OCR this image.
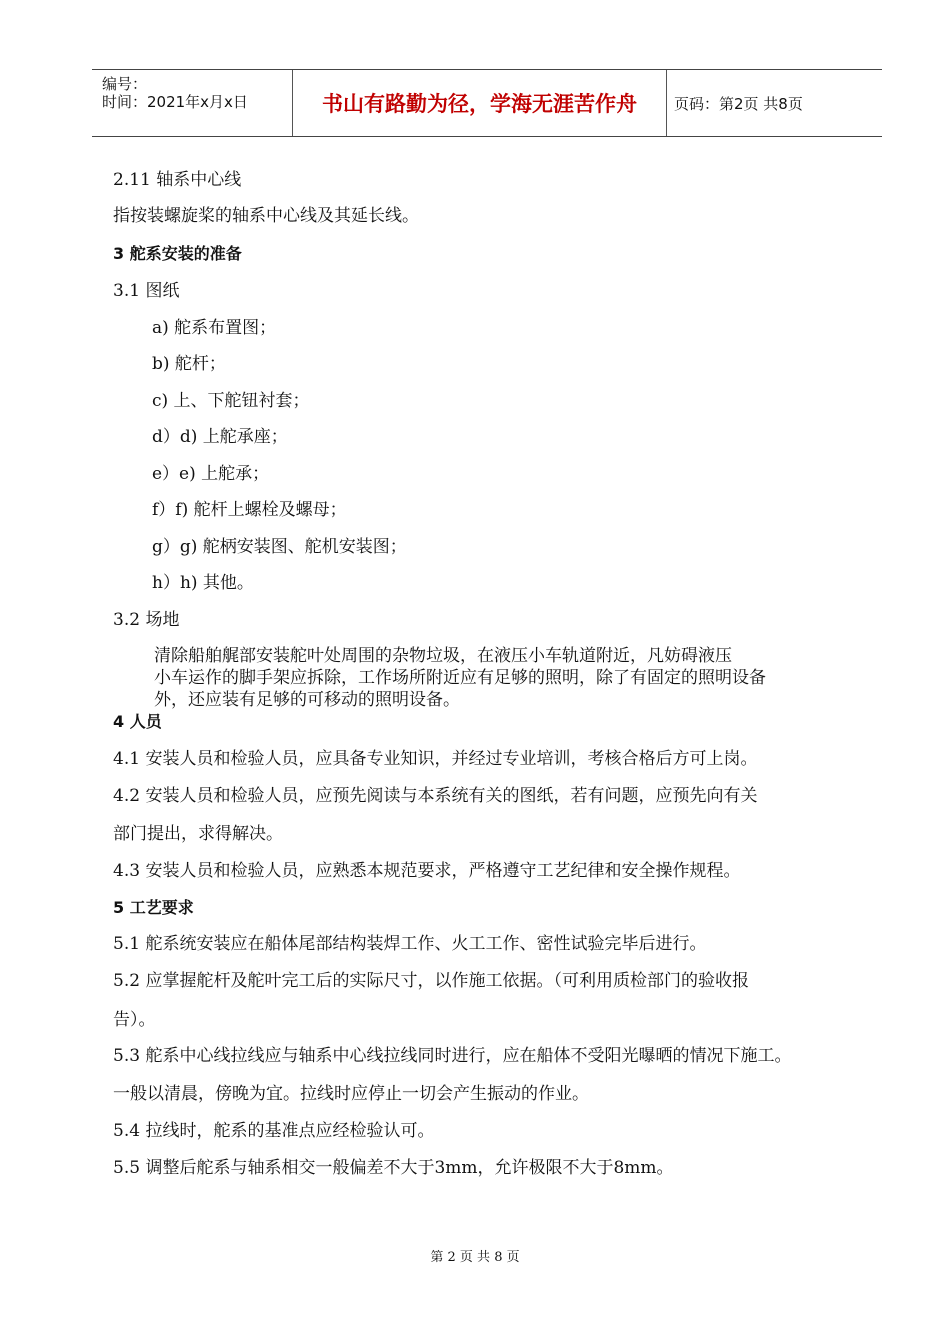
编号：
时间：2021年x月x日	书山有路勤为径，学海无涯苦作舟	页码：第2页 共8页
2.11 轴系中心线
指按装螺旋桨的轴系中心线及其延长线。
3 舵系安装的准备
3.1 图纸
a) 舵系布置图；
b) 舵杆；
c) 上、下舵钮衬套；
d）d) 上舵承座；
e）e) 上舵承；
f）f) 舵杆上螺栓及螺母；
g）g) 舵柄安装图、舵机安装图；
h）h) 其他。
3.2 场地
清除船舶艉部安装舵叶处周围的杂物垃圾，在液压小车轨道附近，凡妨碍液压
小车运作的脚手架应拆除，工作场所附近应有足够的照明，除了有固定的照明设备
外，还应装有足够的可移动的照明设备。
4 人员
4.1 安装人员和检验人员，应具备专业知识，并经过专业培训，考核合格后方可上岗。
4.2 安装人员和检验人员，应预先阅读与本系统有关的图纸，若有问题，应预先向有关
部门提出，求得解决。
4.3 安装人员和检验人员，应熟悉本规范要求，严格遵守工艺纪律和安全操作规程。
5 工艺要求
5.1 舵系统安装应在船体尾部结构装焊工作、火工工作、密性试验完毕后进行。
5.2 应掌握舵杆及舵叶完工后的实际尺寸，以作施工依据。（可利用质检部门的验收报
告）。
5.3 舵系中心线拉线应与轴系中心线拉线同时进行，应在船体不受阳光曝晒的情况下施工。
一般以清晨，傍晚为宜。拉线时应停止一切会产生振动的作业。
5.4 拉线时，舵系的基准点应经检验认可。
5.5 调整后舵系与轴系相交一般偏差不大于3mm，允许极限不大于8mm。
第 2 页 共 8 页
